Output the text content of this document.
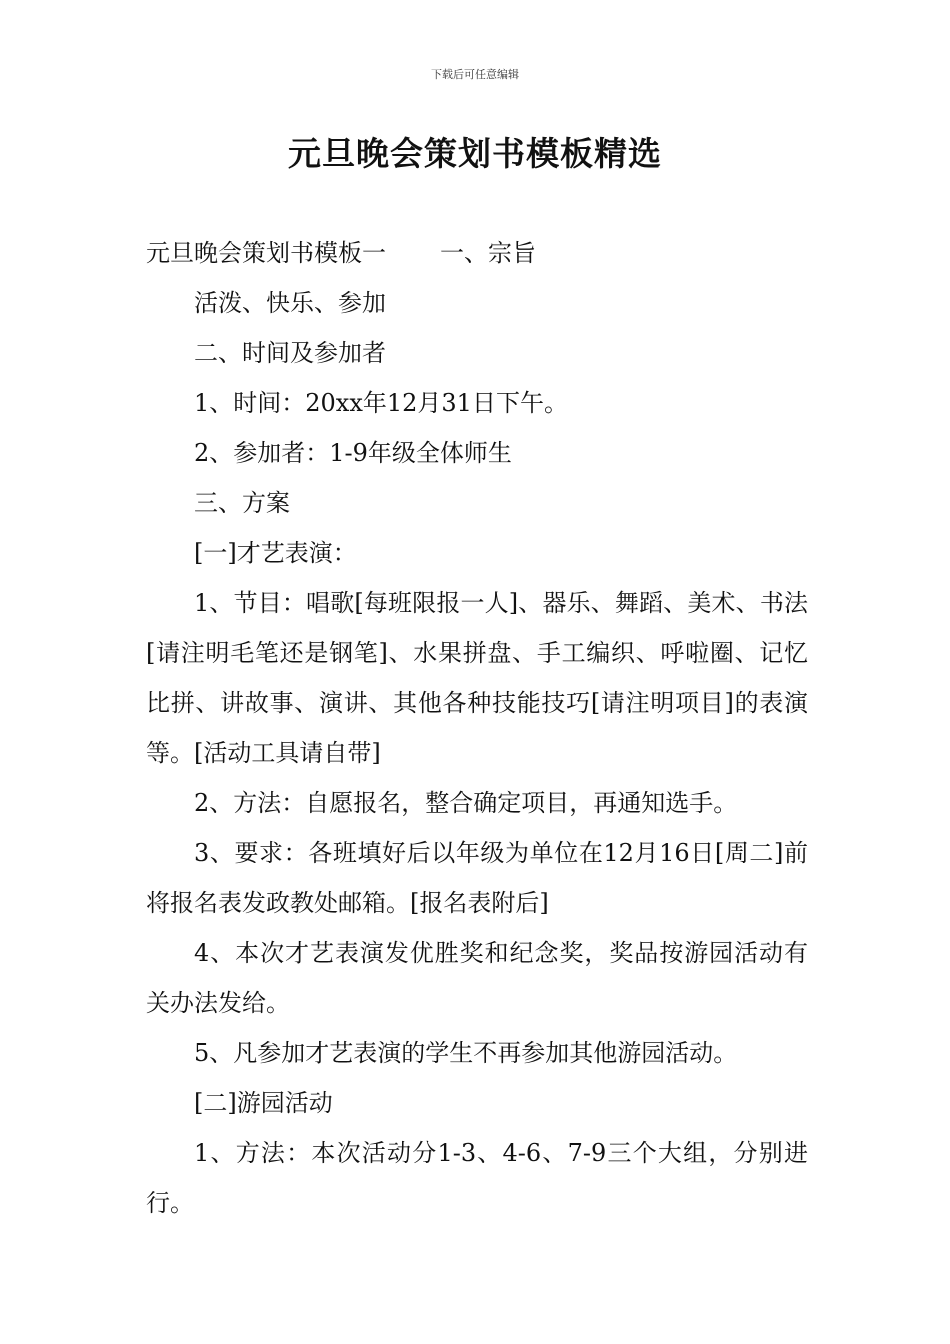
下载后可任意编辑
元旦晚会策划书模板精选

元旦晚会策划书模板一 一、宗旨

活泼、快乐、参加

二、时间及参加者

1、时间：20xx年12月31日下午。

2、参加者：1-9年级全体师生

三、方案

[一]才艺表演：

1、节目：唱歌[每班限报一人]、器乐、舞蹈、美术、书法[请注明毛笔还是钢笔]、水果拼盘、手工编织、呼啦圈、记忆比拼、讲故事、演讲、其他各种技能技巧[请注明项目]的表演等。[活动工具请自带]

2、方法：自愿报名，整合确定项目，再通知选手。

3、要求：各班填好后以年级为单位在12月16日[周二]前将报名表发政教处邮箱。[报名表附后]

4、本次才艺表演发优胜奖和纪念奖，奖品按游园活动有关办法发给。

5、凡参加才艺表演的学生不再参加其他游园活动。

[二]游园活动

1、方法：本次活动分1-3、4-6、7-9三个大组，分别进行。
